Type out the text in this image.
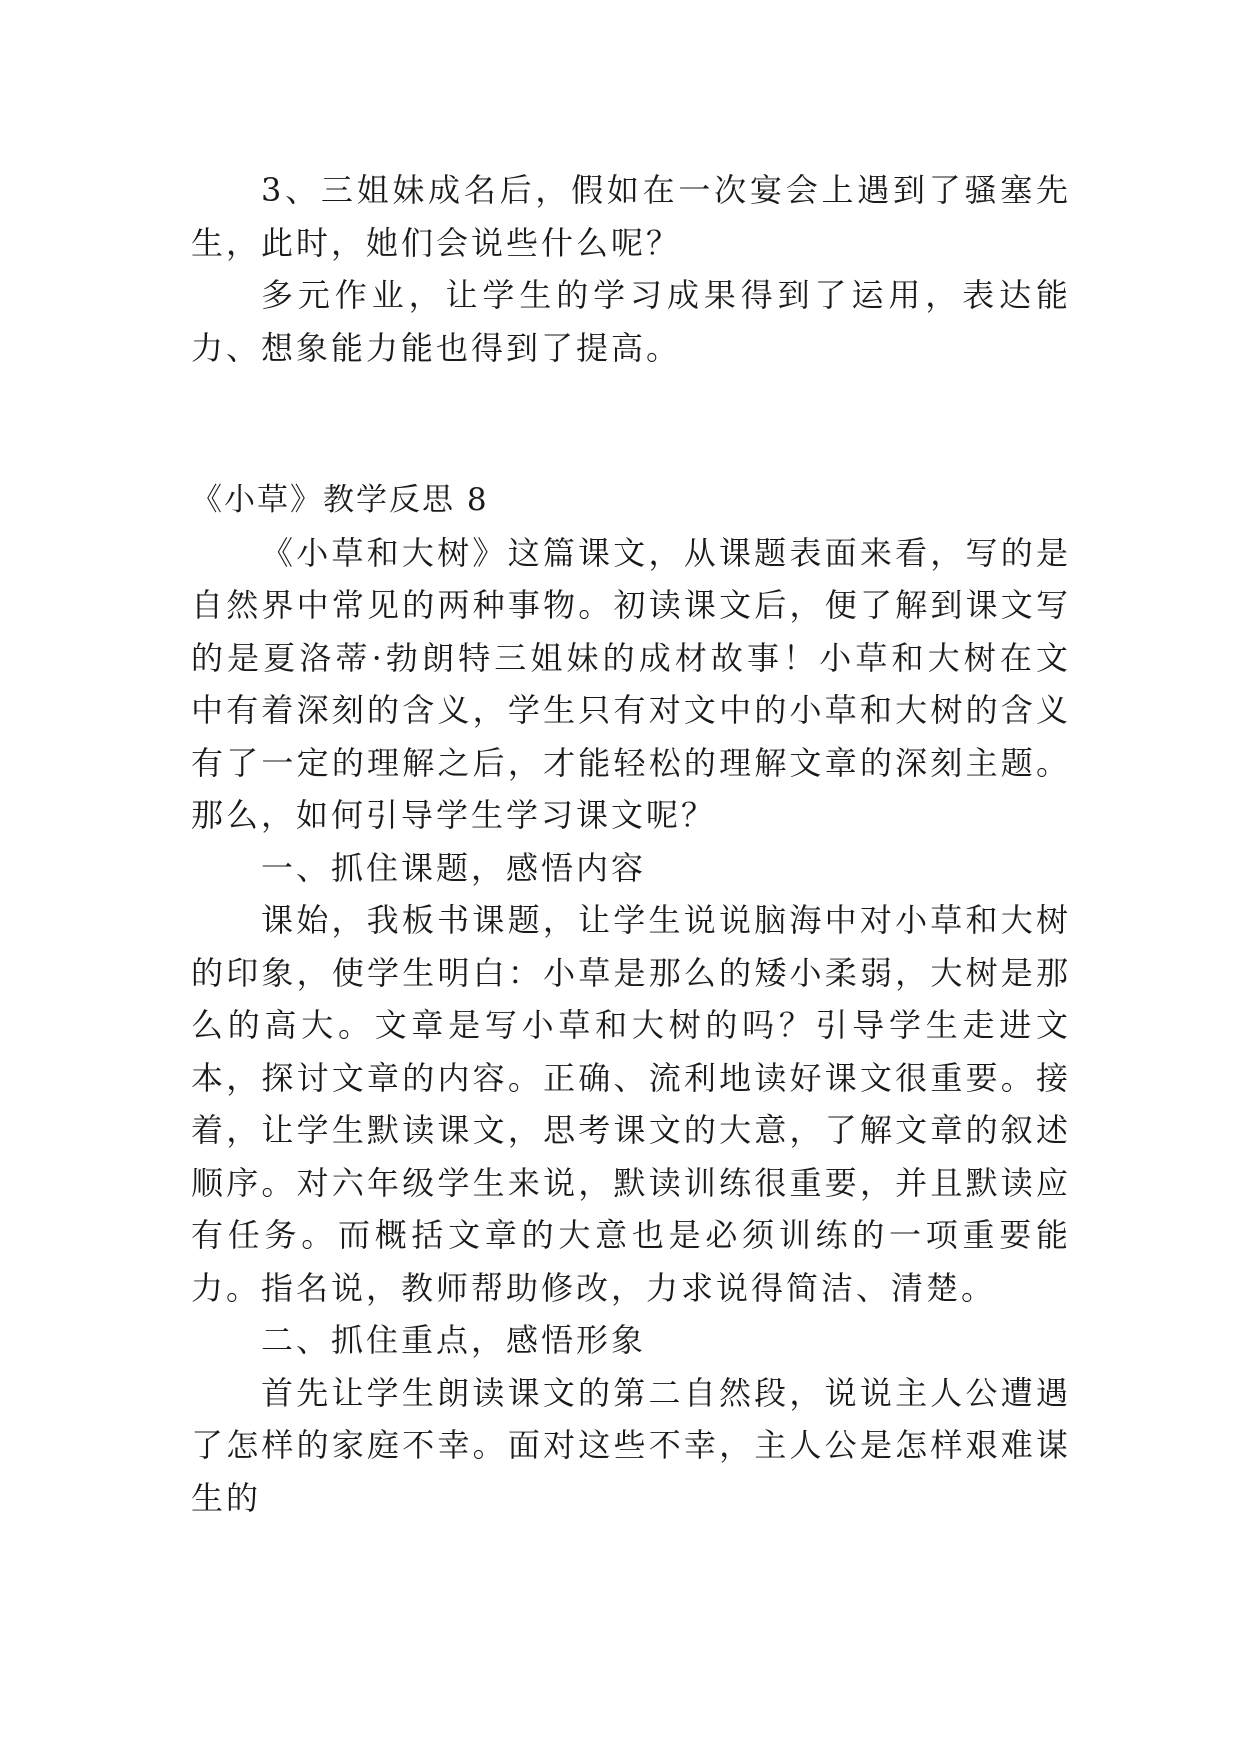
3、三姐妹成名后，假如在一次宴会上遇到了骚塞先生，此时，她们会说些什么呢？

多元作业，让学生的学习成果得到了运用，表达能力、想象能力能也得到了提高。

《小草》教学反思 8

《小草和大树》这篇课文，从课题表面来看，写的是自然界中常见的两种事物。初读课文后，便了解到课文写的是夏洛蒂·勃朗特三姐妹的成材故事！小草和大树在文中有着深刻的含义，学生只有对文中的小草和大树的含义有了一定的理解之后，才能轻松的理解文章的深刻主题。那么，如何引导学生学习课文呢？

一、抓住课题，感悟内容

课始，我板书课题，让学生说说脑海中对小草和大树的印象，使学生明白：小草是那么的矮小柔弱，大树是那么的高大。文章是写小草和大树的吗？引导学生走进文本，探讨文章的内容。正确、流利地读好课文很重要。接着，让学生默读课文，思考课文的大意，了解文章的叙述顺序。对六年级学生来说，默读训练很重要，并且默读应有任务。而概括文章的大意也是必须训练的一项重要能力。指名说，教师帮助修改，力求说得简洁、清楚。

二、抓住重点，感悟形象

首先让学生朗读课文的第二自然段，说说主人公遭遇了怎样的家庭不幸。面对这些不幸，主人公是怎样艰难谋生的
